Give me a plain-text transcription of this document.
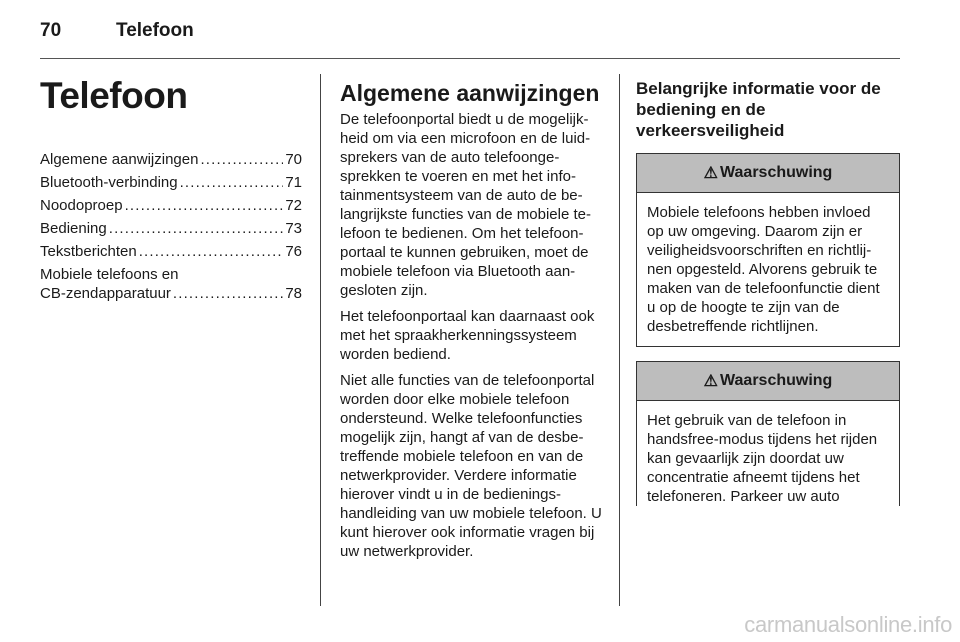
70	Telefoon
Telefoon
Algemene aanwijzingen . . .	70
Bluetooth-verbinding . . .	71
Noodoproep . . .	72
Bediening . . .	73
Tekstberichten . . .	76
Mobiele telefoons en
CB-zendapparatuur . . .	78
Algemene aanwijzingen

De telefoonportal biedt u de mogelijkheid om via een microfoon en de luidsprekers van de auto telefoongesprekken te voeren en met het infotainmentsysteem van de auto de belangrijkste functies van de mobiele telefoon te bedienen. Om het telefoonportaal te kunnen gebruiken, moet de mobiele telefoon via Bluetooth aangesloten zijn.

Het telefoonportaal kan daarnaast ook met het spraakherkenningssysteem worden bediend.

Niet alle functies van de telefoonportal worden door elke mobiele telefoon ondersteund. Welke telefoonfuncties mogelijk zijn, hangt af van de desbetreffende mobiele telefoon en van de netwerkprovider. Verdere informatie hierover vindt u in de bedieningshandleiding van uw mobiele telefoon. U kunt hierover ook informatie vragen bij uw netwerkprovider.

Belangrijke informatie voor de bediening en de verkeersveiligheid
⚠ Waarschuwing
Mobiele telefoons hebben invloed op uw omgeving. Daarom zijn er veiligheidsvoorschriften en richtlijnen opgesteld. Alvorens gebruik te maken van de telefoonfunctie dient u op de hoogte te zijn van de desbetreffende richtlijnen.
⚠ Waarschuwing
Het gebruik van de telefoon in handsfree-modus tijdens het rijden kan gevaarlijk zijn doordat uw concentratie afneemt tijdens het telefoneren. Parkeer uw auto
carmanualsonline.info
